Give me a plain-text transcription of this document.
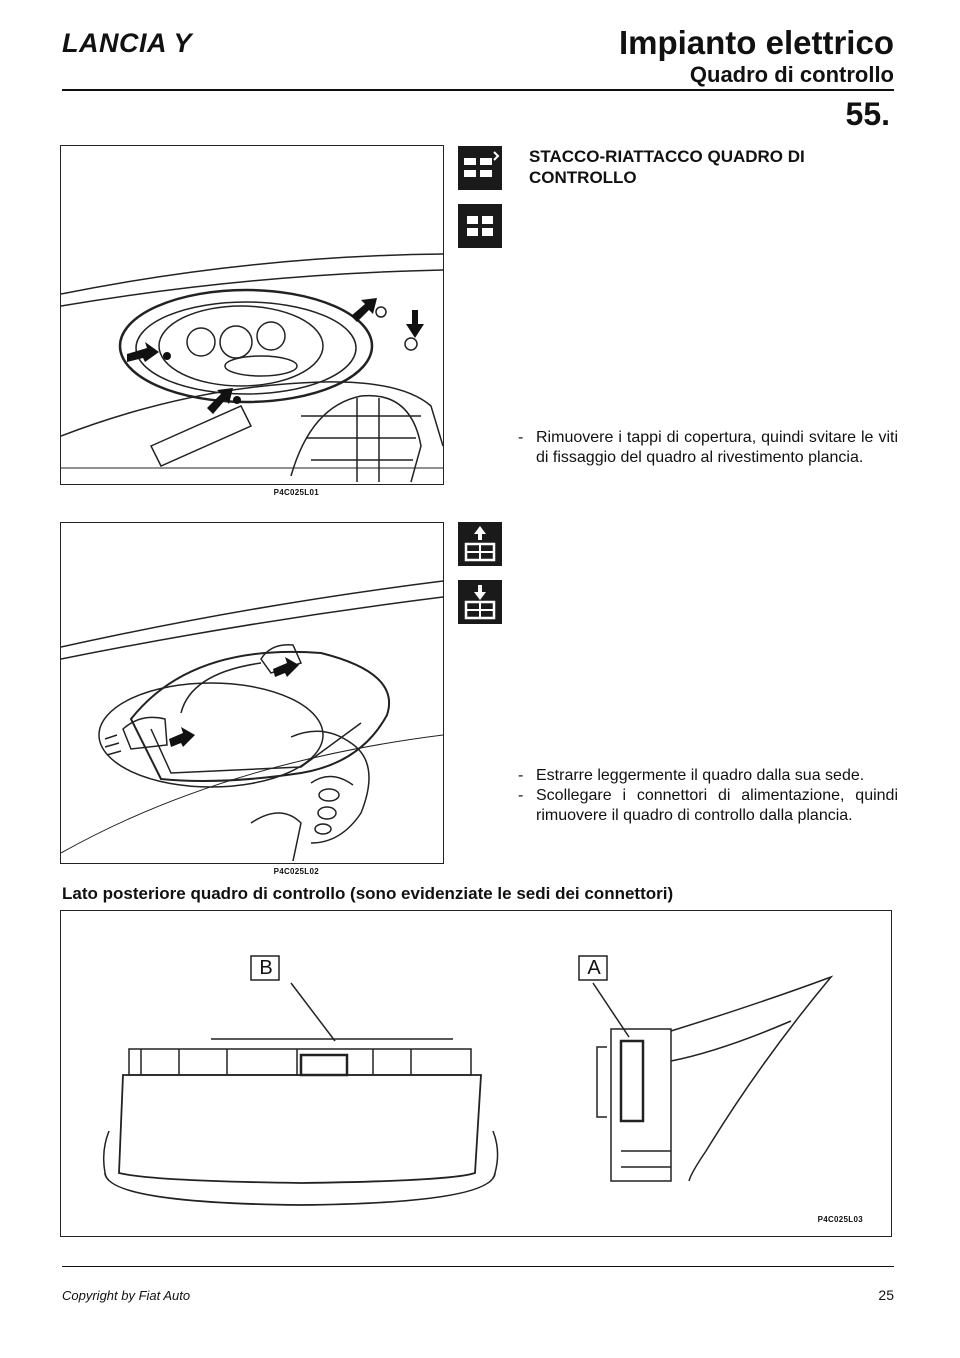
LANCIA Y	Impianto elettrico
Quadro di controllo
55.
P4C025L01
P4C025L02
STACCO-RIATTACCO QUADRO DI CONTROLLO

- Rimuovere i tappi di copertura, quindi svitare le viti di fissaggio del quadro al rivestimento plancia.

- Estrarre leggermente il quadro dalla sua sede.

- Scollegare i connettori di alimentazione, quindi rimuovere il quadro di controllo dalla plancia.

Lato posteriore quadro di controllo (sono evidenziate le sedi dei connettori)
B	A
P4C025L03
Copyright by Fiat Auto	25
